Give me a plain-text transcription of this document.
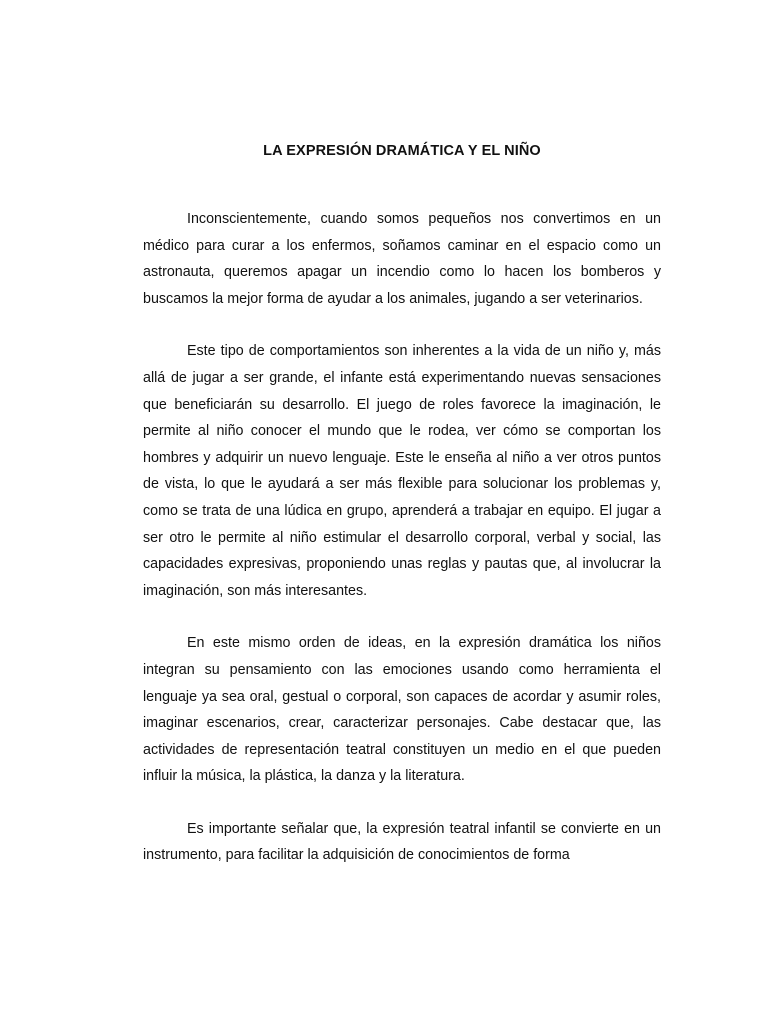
LA EXPRESIÓN DRAMÁTICA Y EL NIÑO

Inconscientemente, cuando somos pequeños nos convertimos en un médico para curar a los enfermos, soñamos caminar en el espacio como un astronauta, queremos apagar un incendio como lo hacen los bomberos y buscamos la mejor forma de ayudar a los animales, jugando a ser veterinarios.

Este tipo de comportamientos son inherentes a la vida de un niño y, más allá de jugar a ser grande, el infante está experimentando nuevas sensaciones que beneficiarán su desarrollo. El juego de roles favorece la imaginación, le permite al niño conocer el mundo que le rodea, ver cómo se comportan los hombres y adquirir un nuevo lenguaje. Este le enseña al niño a ver otros puntos de vista, lo que le ayudará a ser más flexible para solucionar los problemas y, como se trata de una lúdica en grupo, aprenderá a trabajar en equipo. El jugar a ser otro le permite al niño estimular el desarrollo corporal, verbal y social, las capacidades expresivas, proponiendo unas reglas y pautas que, al involucrar la imaginación, son más interesantes.

En este mismo orden de ideas, en la expresión dramática los niños integran su pensamiento con las emociones usando como herramienta el lenguaje ya sea oral, gestual o corporal, son capaces de acordar y asumir roles, imaginar escenarios, crear, caracterizar personajes. Cabe destacar que, las actividades de representación teatral constituyen un medio en el que pueden influir la música, la plástica, la danza y la literatura.

Es importante señalar que, la expresión teatral infantil se convierte en un instrumento, para facilitar la adquisición de conocimientos de forma
